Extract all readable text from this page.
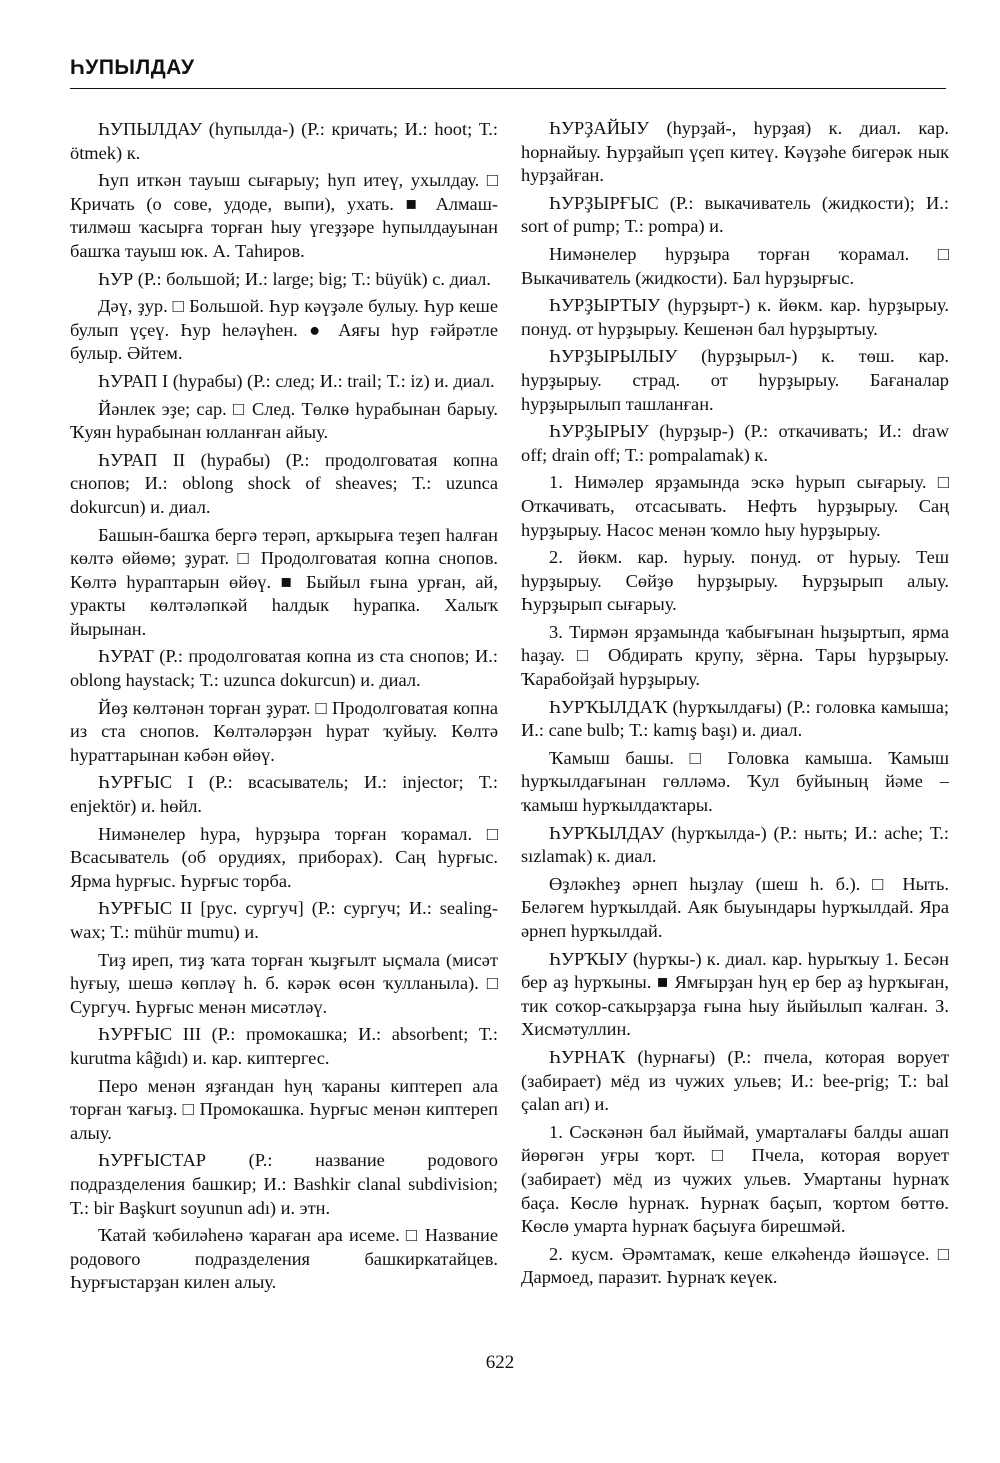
ҺУПЫЛДАУ

ҺУПЫЛДАУ (һупылда-) (Р.: кричать; И.: hoot; Т.: ötmek) к.

Һуп иткән тауыш сығарыу; һуп итеү, ухылдау. □ Кричать (о сове, удоде, выпи), ухать. ■ Алмаш-тилмәш ҡасырға торған һыу үгеҙҙәре һупылдауынан башҡа тауыш юк. А. Таһиров.

ҺУР (Р.: большой; И.: large; big; Т.: büyük) с. диал.

Дәү, ҙур. □ Большой. Һур кәүҙәле булыу. Һур кеше булып үҫеү. Һур һеләүһен. ● Аяғы һур ғәйрәтле булыр. Әйтем.

ҺУРАП I (һурабы) (Р.: след; И.: trail; Т.: iz) и. диал.

Йәнлек эҙе; сар. □ След. Төлкө һурабынан барыу. Ҡуян һурабынан юлланған айыу.

ҺУРАП II (һурабы) (Р.: продолговатая копна снопов; И.: oblong shock of sheaves; Т.: uzunca dokurcun) и. диал.

Башын-башҡа бергә терәп, арҡырыға теҙеп һалған көлтә өйөмө; ҙурат. □ Продолговатая копна снопов. Көлтә һураптарын өйөү. ■ Быйыл ғына урған, ай, уракты көлтәләпкәй һалдык һурапка. Халыҡ йырынан.

ҺУРАТ (Р.: продолговатая копна из ста снопов; И.: oblong haystack; Т.: uzunca dokurcun) и. диал.

Йөҙ көлтәнән торған ҙурат. □ Продолговатая копна из ста снопов. Көлтәләрҙән һурат ҡуйыу. Көлтә һураттарынан кәбән өйөү.

ҺУРҒЫС I (Р.: всасыватель; И.: injector; Т.: enjektör) и. һөйл.

Нимәнелер һура, һурҙыра торған ҡорамал. □ Всасыватель (об орудиях, приборах). Саң һурғыс. Ярма һурғыс. Һурғыс торба.

ҺУРҒЫС II [рус. сургуч] (Р.: сургуч; И.: sealing-wax; Т.: mühür mumu) и.

Тиҙ иреп, тиҙ ҡата торған ҡыҙғылт ыҫмала (мисәт һуғыу, шешә көпләү һ. б. кәрәк өсөн ҡулланыла). □ Сургуч. Һурғыс менән мисәтләү.

ҺУРҒЫС III (Р.: промокашка; И.: absorbent; Т.: kurutma kâğıdı) и. кар. киптергес.

Перо менән яҙғандан һуң ҡараны киптереп ала торған ҡағыҙ. □ Промокашка. Һурғыс менән киптереп алыу.

ҺУРҒЫСТАР (Р.: название родового подразделения башкир; И.: Bashkir clanal subdivision; Т.: bir Başkurt soyunun adı) и. этн.

Ҡатай ҡәбиләһенә ҡараған ара исеме. □ Название родового подразделения башкиркатайцев. Һурғыстарҙан килен алыу.

ҺУРҘАЙЫУ (һурҙай-, һурҙая) к. диал. кар. һорнайыу. Һурҙайып үҫеп китеү. Кәүҙәһе бигерәк нык һурҙайған.

ҺУРҘЫРҒЫС (Р.: выкачиватель (жидкости); И.: sort of pump; Т.: pompa) и.

Нимәнелер һурҙыра торған ҡорамал. □ Выкачиватель (жидкости). Бал һурҙырғыс.

ҺУРҘЫРТЫУ (һурҙырт-) к. йөкм. кар. һурҙырыу. понуд. от һурҙырыу. Кешенән бал һурҙыртыу.

ҺУРҘЫРЫЛЫУ (һурҙырыл-) к. төш. кар. һурҙырыу. страд. от һурҙырыу. Бағаналар һурҙырылып ташланған.

ҺУРҘЫРЫУ (һурҙыр-) (Р.: откачивать; И.: draw off; drain off; Т.: pompalamak) к.

1. Нимәлер ярҙамында эскә һурып сығарыу. □ Откачивать, отсасывать. Нефть һурҙырыу. Саң һурҙырыу. Насос менән ҡомло һыу һурҙырыу.

2. йөкм. кар. һурыу. понуд. от һурыу. Теш һурҙырыу. Сөйҙө һурҙырыу. Һурҙырып алыу. Һурҙырып сығарыу.

3. Тирмән ярҙамында ҡабығынан һыҙыртып, ярма һаҙау. □ Обдирать крупу, зёрна. Тары һурҙырыу. Ҡарабойҙай һурҙырыу.

ҺУРҠЫЛДАҠ (һурҡылдағы) (Р.: головка камыша; И.: cane bulb; Т.: kamış başı) и. диал.

Ҡамыш башы. □ Головка камыша. Ҡамыш һурҡылдағынан гөлләмә. Ҡул буйының йәме – ҡамыш һурҡылдаҡтары.

ҺУРҠЫЛДАУ (һурҡылда-) (Р.: ныть; И.: ache; Т.: sızlamak) к. диал.

Өҙләкһеҙ әрнеп һыҙлау (шеш һ. б.). □ Ныть. Беләгем һурҡылдай. Аяк быуындары һурҡылдай. Яра әрнеп һурҡылдай.

ҺУРҠЫУ (һурҡы-) к. диал. кар. һурыҡыу 1. Бесән бер аҙ һурҡыны. ■ Ямғырҙан һуң ер бер аҙ һурҡыған, тик соҡор-саҡырҙарҙа ғына һыу йыйылып ҡалған. З. Хисмәтуллин.

ҺУРНАҠ (һурнағы) (Р.: пчела, которая ворует (забирает) мёд из чужих ульев; И.: bee-prig; Т.: bal çalan arı) и.

1. Сәскәнән бал йыймай, умарталағы балды ашап йөрөгән уғры ҡорт. □ Пчела, которая ворует (забирает) мёд из чужих ульев. Умартаны һурнаҡ баҫа. Көслө һурнаҡ. Һурнаҡ баҫып, ҡортом бөттө. Көслө умарта һурнаҡ баҫыуға бирешмәй.

2. кусм. Әрәмтамаҡ, кеше елкәһендә йәшәүсе. □ Дармоед, паразит. Һурнаҡ кеүек.

622
